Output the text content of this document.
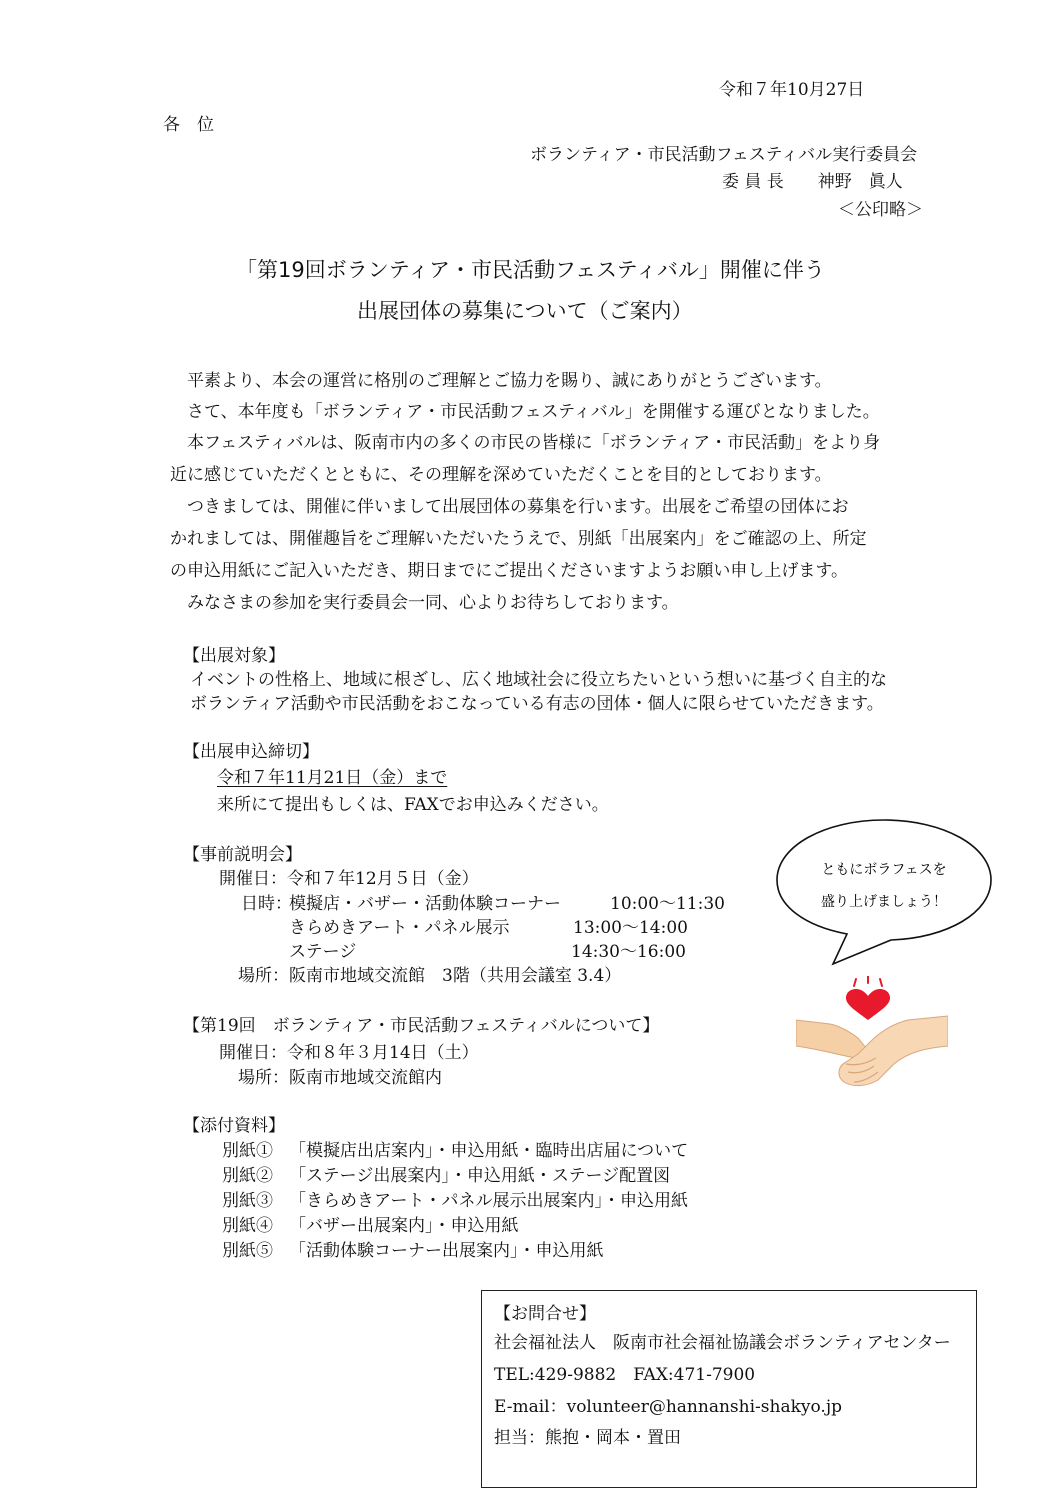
令和７年10月27日
各　位
ボランティア・市民活動フェスティバル実行委員会
委 員 長　　神野　眞人
＜公印略＞
「第19回ボランティア・市民活動フェスティバル」開催に伴う
出展団体の募集について（ご案内）
　平素より、本会の運営に格別のご理解とご協力を賜り、誠にありがとうございます。
　さて、本年度も「ボランティア・市民活動フェスティバル」を開催する運びとなりました。
　本フェスティバルは、阪南市内の多くの市民の皆様に「ボランティア・市民活動」をより身
近に感じていただくとともに、その理解を深めていただくことを目的としております。
　つきましては、開催に伴いまして出展団体の募集を行います。出展をご希望の団体にお
かれましては、開催趣旨をご理解いただいたうえで、別紙「出展案内」をご確認の上、所定
の申込用紙にご記入いただき、期日までにご提出くださいますようお願い申し上げます。
　みなさまの参加を実行委員会一同、心よりお待ちしております。
【出展対象】
イベントの性格上、地域に根ざし、広く地域社会に役立ちたいという想いに基づく自主的な
ボランティア活動や市民活動をおこなっている有志の団体・個人に限らせていただきます。
【出展申込締切】
令和７年11月21日（金）まで
来所にて提出もしくは、FAXでお申込みください。
【事前説明会】
開催日：令和７年12月５日（金）
日時：
模擬店・バザー・活動体験コーナー	10:00～11:30
きらめきアート・パネル展示	13:00～14:00
ステージ	14:30～16:00
場所：阪南市地域交流館　3階（共用会議室 3.4）
【第19回　ボランティア・市民活動フェスティバルについて】
開催日：令和８年３月14日（土）
場所：阪南市地域交流館内
【添付資料】
別紙① 「模擬店出店案内」・申込用紙・臨時出店届について
別紙② 「ステージ出展案内」・申込用紙・ステージ配置図
別紙③ 「きらめきアート・パネル展示出展案内」・申込用紙
別紙④ 「バザー出展案内」・申込用紙
別紙⑤ 「活動体験コーナー出展案内」・申込用紙
ともにボラフェスを
盛り上げましょう！
【お問合せ】
社会福祉法人　阪南市社会福祉協議会ボランティアセンター
TEL:429-9882　FAX:471-7900
E-mail：volunteer@hannanshi-shakyo.jp
担当：熊抱・岡本・置田
